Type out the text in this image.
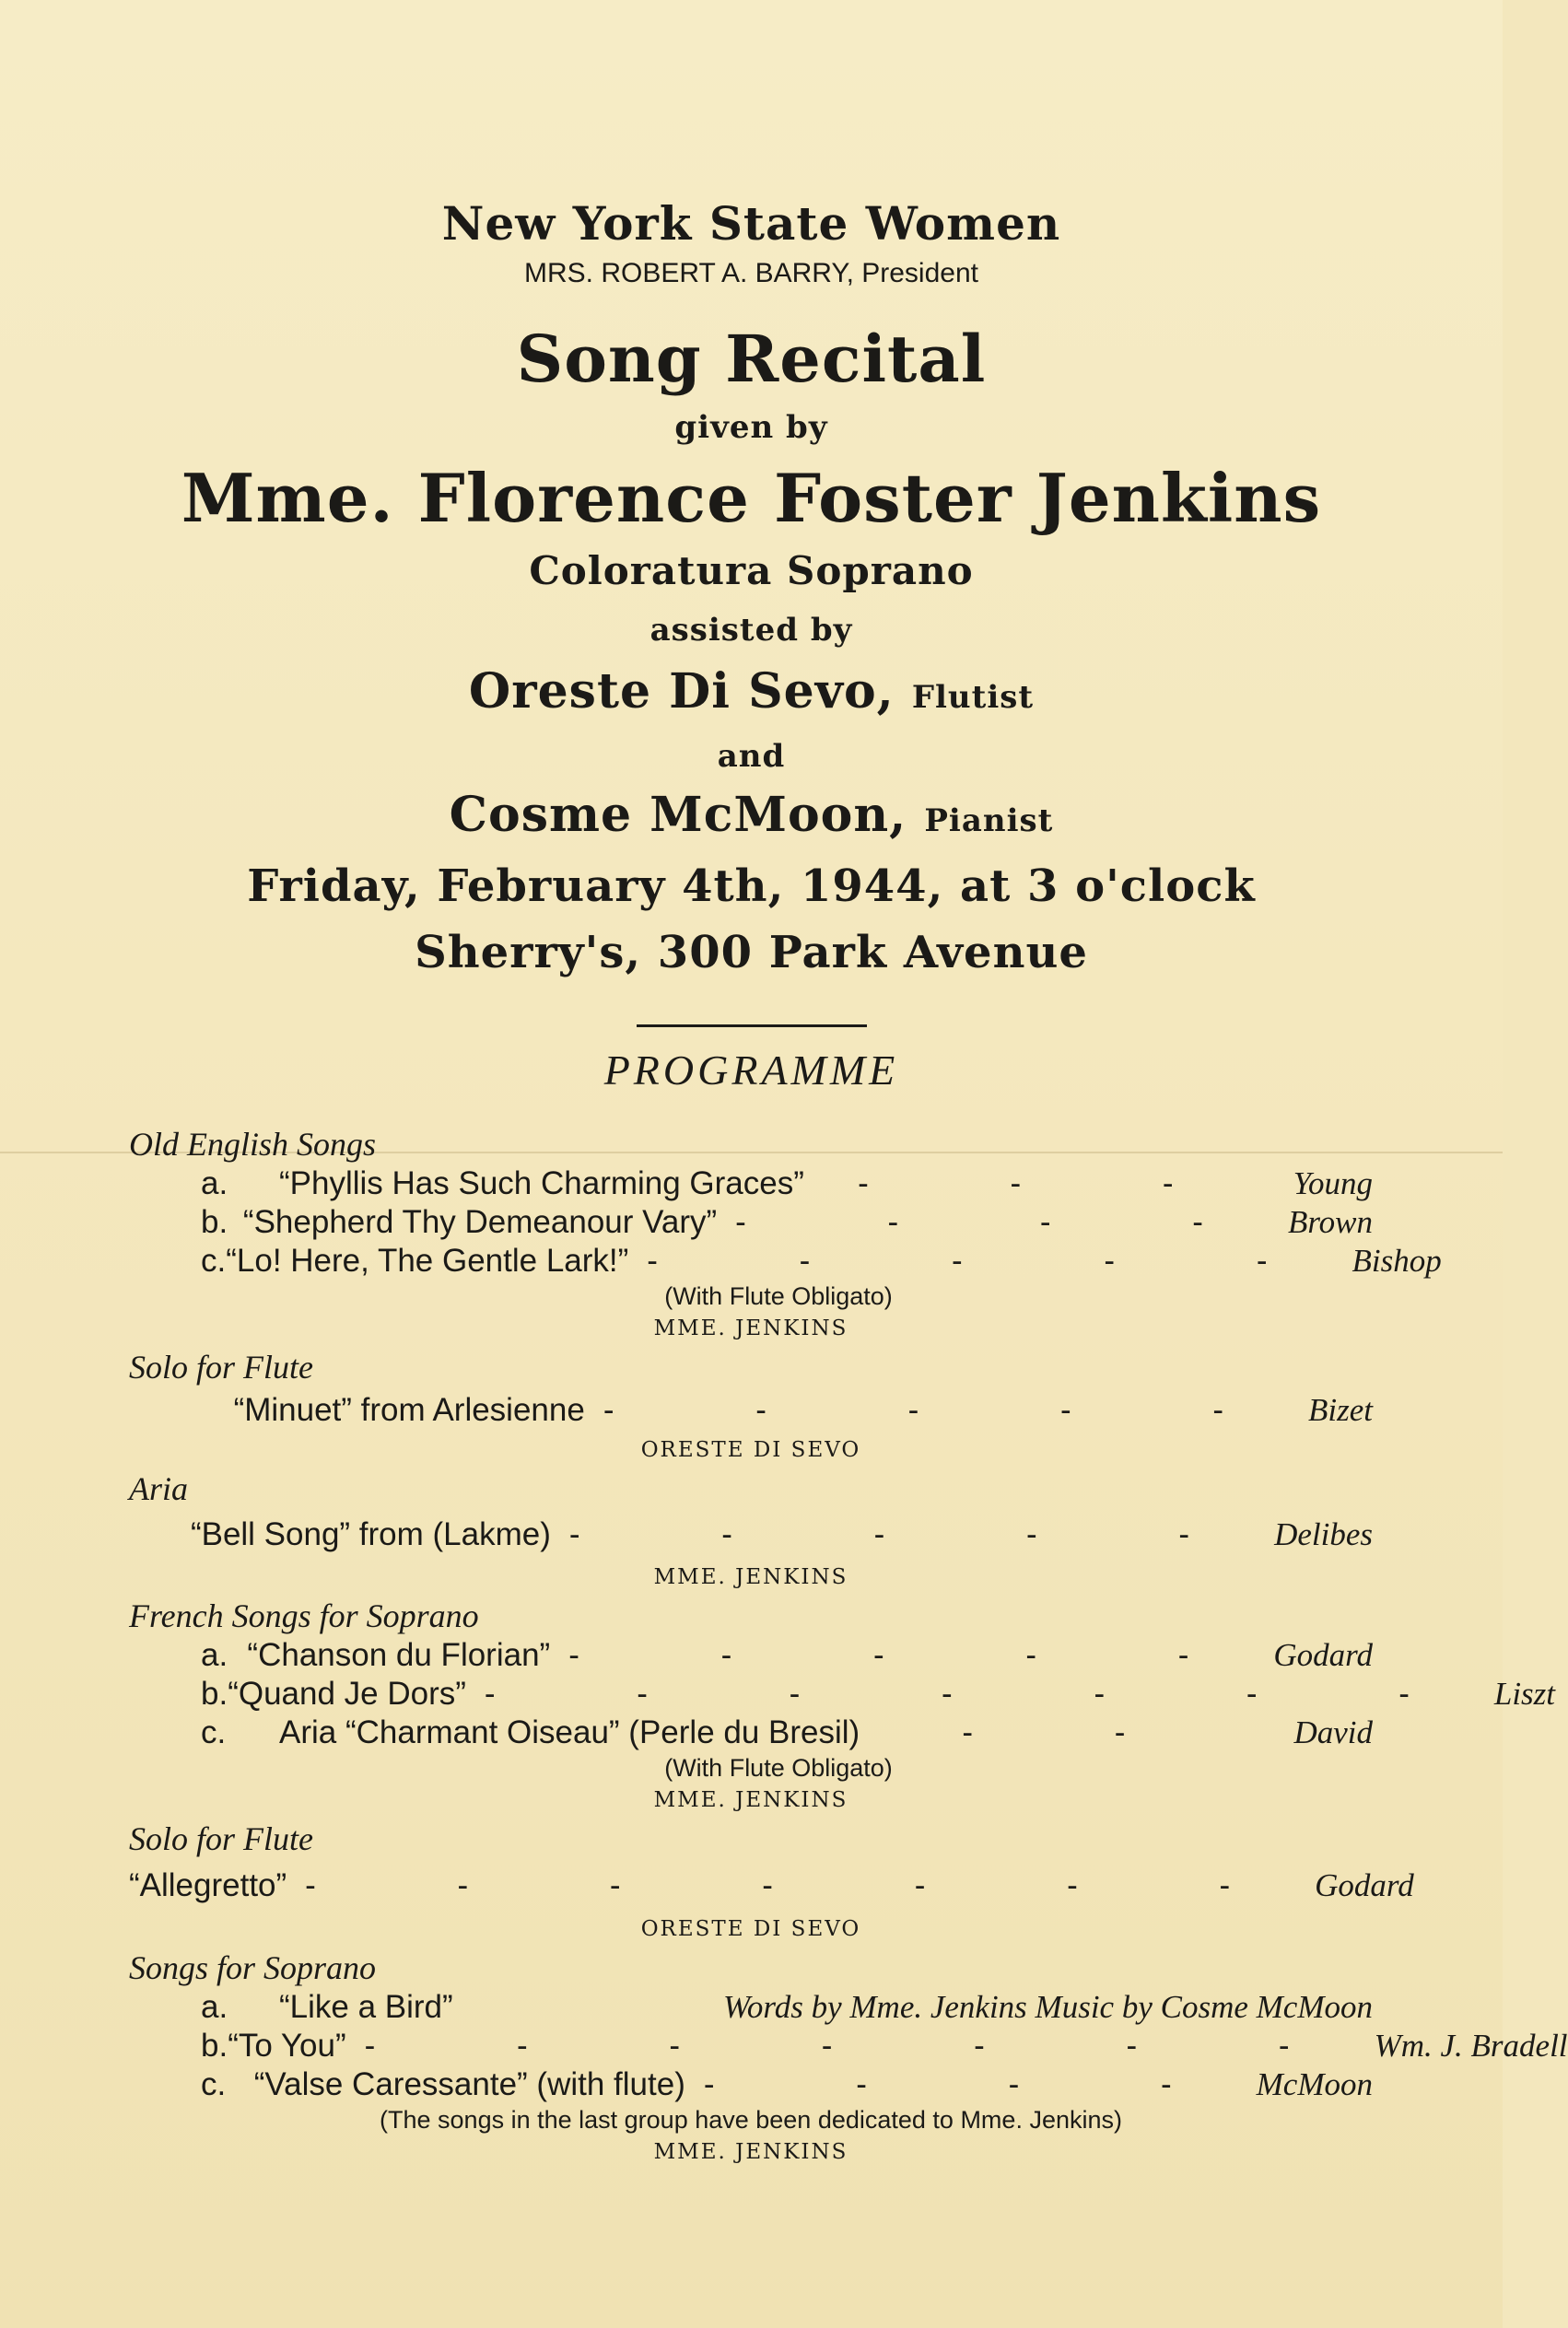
New York State Women
MRS. ROBERT A. BARRY, President
Song Recital
given by
Mme. Florence Foster Jenkins
Coloratura Soprano
assisted by
Oreste Di Sevo, Flutist
and
Cosme McMoon, Pianist
Friday, February 4th, 1944, at 3 o'clock
Sherry's, 300 Park Avenue
PROGRAMME
Old English Songs
a.	“Phyllis Has Such Charming Graces”	- - -	Young
b. “Shepherd Thy Demeanour Vary” - - - - Brown
c. “Lo! Here, The Gentle Lark!” - - - - - Bishop
(With Flute Obligato)
MME. JENKINS
Solo for Flute
“Minuet” from Arlesienne - - - - - Bizet
ORESTE DI SEVO
Aria
“Bell Song” from (Lakme) - - - - - Delibes
MME. JENKINS
French Songs for Soprano
a. “Chanson du Florian” - - - - - Godard
b. “Quand Je Dors” - - - - - - - Liszt
c.	Aria “Charmant Oiseau” (Perle du Bresil)	- -	David
(With Flute Obligato)
MME. JENKINS
Solo for Flute
“Allegretto” - - - - - - - Godard
ORESTE DI SEVO
Songs for Soprano
a.	“Like a Bird”	Words by Mme. Jenkins Music by Cosme McMoon
b. “To You” - - - - - - - Wm. J. Bradell
c. “Valse Caressante” (with flute) - - - - McMoon
(The songs in the last group have been dedicated to Mme. Jenkins)
MME. JENKINS
